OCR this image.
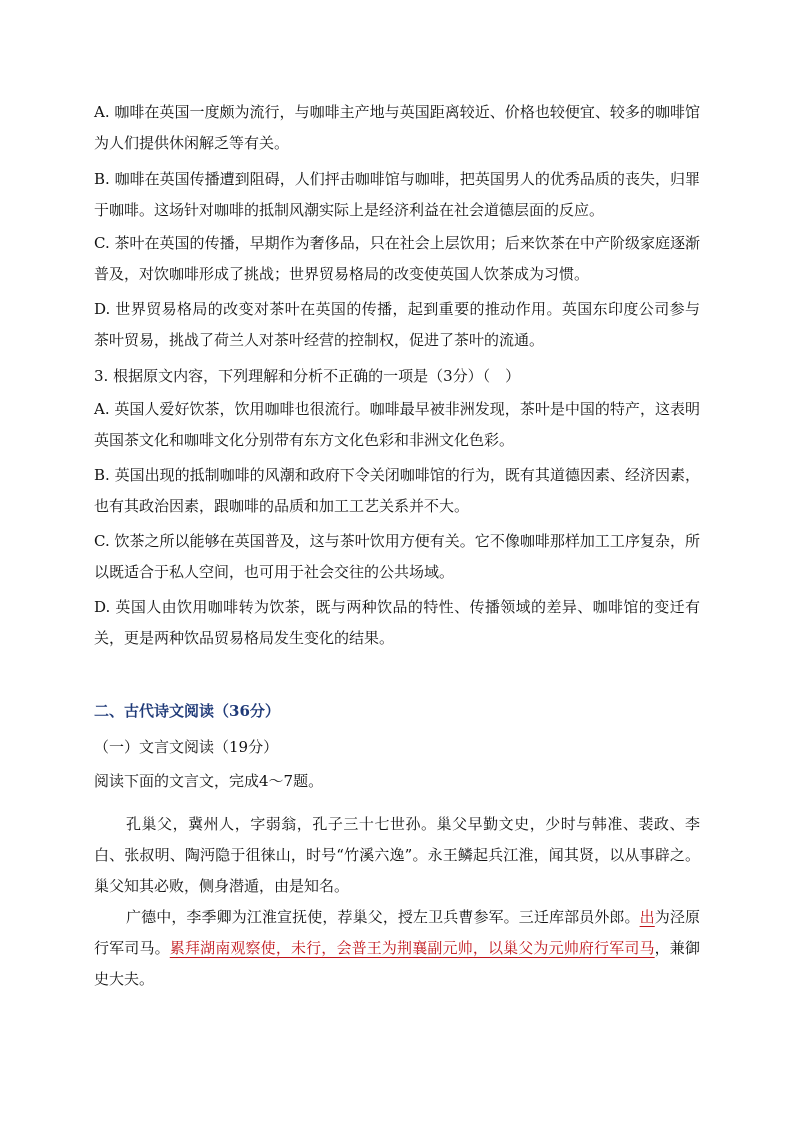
A. 咖啡在英国一度颇为流行，与咖啡主产地与英国距离较近、价格也较便宜、较多的咖啡馆为人们提供休闲解乏等有关。

B. 咖啡在英国传播遭到阻碍，人们抨击咖啡馆与咖啡，把英国男人的优秀品质的丧失，归罪于咖啡。这场针对咖啡的抵制风潮实际上是经济利益在社会道德层面的反应。

C. 茶叶在英国的传播，早期作为奢侈品，只在社会上层饮用；后来饮茶在中产阶级家庭逐渐普及，对饮咖啡形成了挑战；世界贸易格局的改变使英国人饮茶成为习惯。

D. 世界贸易格局的改变对茶叶在英国的传播，起到重要的推动作用。英国东印度公司参与茶叶贸易，挑战了荷兰人对茶叶经营的控制权，促进了茶叶的流通。

3. 根据原文内容，下列理解和分析不正确的一项是（3分）（　）

A. 英国人爱好饮茶，饮用咖啡也很流行。咖啡最早被非洲发现，茶叶是中国的特产，这表明英国茶文化和咖啡文化分别带有东方文化色彩和非洲文化色彩。

B. 英国出现的抵制咖啡的风潮和政府下令关闭咖啡馆的行为，既有其道德因素、经济因素，也有其政治因素，跟咖啡的品质和加工工艺关系并不大。

C. 饮茶之所以能够在英国普及，这与茶叶饮用方便有关。它不像咖啡那样加工工序复杂，所以既适合于私人空间，也可用于社会交往的公共场域。

D. 英国人由饮用咖啡转为饮茶，既与两种饮品的特性、传播领域的差异、咖啡馆的变迁有关，更是两种饮品贸易格局发生变化的结果。

二、古代诗文阅读（36分）

（一）文言文阅读（19分）

阅读下面的文言文，完成4～7题。

孔巢父，冀州人，字弱翁，孔子三十七世孙。巢父早勤文史，少时与韩准、裴政、李白、张叔明、陶沔隐于徂徕山，时号“竹溪六逸”。永王鳞起兵江淮，闻其贤，以从事辟之。巢父知其必败，侧身潜遁，由是知名。

广德中，李季卿为江淮宣抚使，荐巢父，授左卫兵曹参军。三迁库部员外郎。出为泾原行军司马。累拜湖南观察使，未行，会普王为荆襄副元帅，以巢父为元帅府行军司马，兼御史大夫。
